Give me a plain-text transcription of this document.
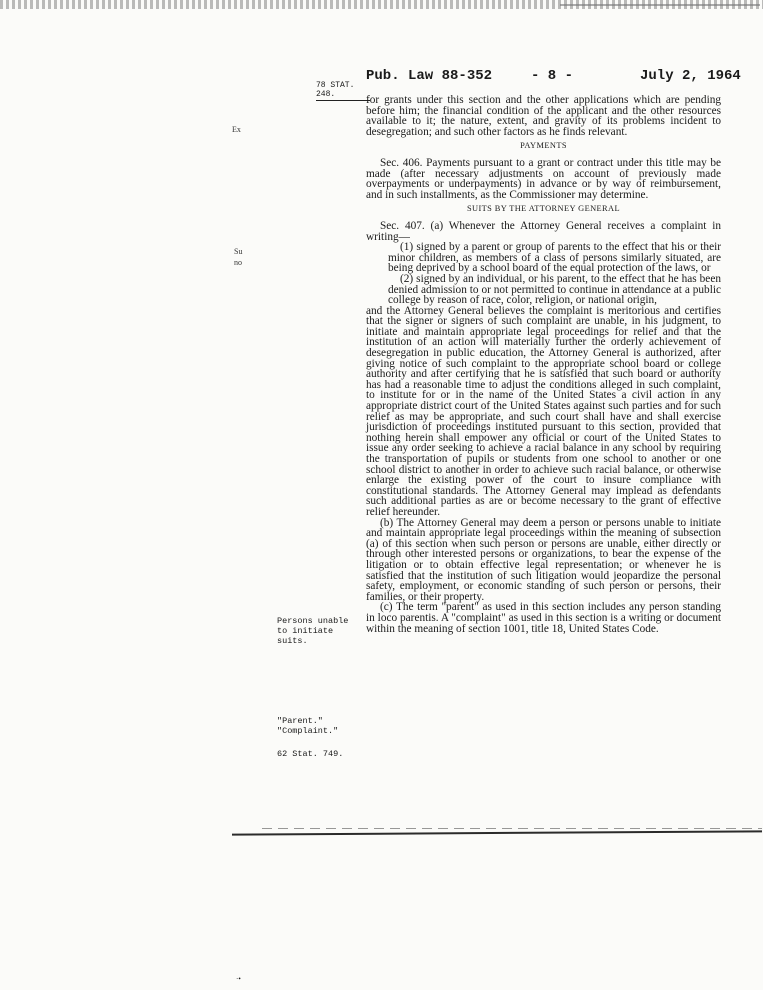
Pub. Law 88-352	- 8 -	July 2, 1964
78 STAT. 248.
Ex
Su
no
Persons unable
to initiate
suits.
"Parent."
"Complaint."
62 Stat. 749.

for grants under this section and the other applications which are pending before him; the financial condition of the applicant and the other resources available to it; the nature, extent, and gravity of its problems incident to desegregation; and such other factors as he finds relevant.

PAYMENTS

Sec. 406. Payments pursuant to a grant or contract under this title may be made (after necessary adjustments on account of previously made overpayments or underpayments) in advance or by way of reimbursement, and in such installments, as the Commissioner may determine.

SUITS BY THE ATTORNEY GENERAL

Sec. 407. (a) Whenever the Attorney General receives a complaint in writing—

(1) signed by a parent or group of parents to the effect that his or their minor children, as members of a class of persons similarly situated, are being deprived by a school board of the equal protection of the laws, or

(2) signed by an individual, or his parent, to the effect that he has been denied admission to or not permitted to continue in attendance at a public college by reason of race, color, religion, or national origin,

and the Attorney General believes the complaint is meritorious and certifies that the signer or signers of such complaint are unable, in his judgment, to initiate and maintain appropriate legal proceedings for relief and that the institution of an action will materially further the orderly achievement of desegregation in public education, the Attorney General is authorized, after giving notice of such complaint to the appropriate school board or college authority and after certifying that he is satisfied that such board or authority has had a reasonable time to adjust the conditions alleged in such complaint, to institute for or in the name of the United States a civil action in any appropriate district court of the United States against such parties and for such relief as may be appropriate, and such court shall have and shall exercise jurisdiction of proceedings instituted pursuant to this section, provided that nothing herein shall empower any official or court of the United States to issue any order seeking to achieve a racial balance in any school by requiring the transportation of pupils or students from one school to another or one school district to another in order to achieve such racial balance, or otherwise enlarge the existing power of the court to insure compliance with constitutional standards. The Attorney General may implead as defendants such additional parties as are or become necessary to the grant of effective relief hereunder.

(b) The Attorney General may deem a person or persons unable to initiate and maintain appropriate legal proceedings within the meaning of subsection (a) of this section when such person or persons are unable, either directly or through other interested persons or organizations, to bear the expense of the litigation or to obtain effective legal representation; or whenever he is satisfied that the institution of such litigation would jeopardize the personal safety, employment, or economic standing of such person or persons, their families, or their property.

(c) The term "parent" as used in this section includes any person standing in loco parentis. A "complaint" as used in this section is a writing or document within the meaning of section 1001, title 18, United States Code.

·•
